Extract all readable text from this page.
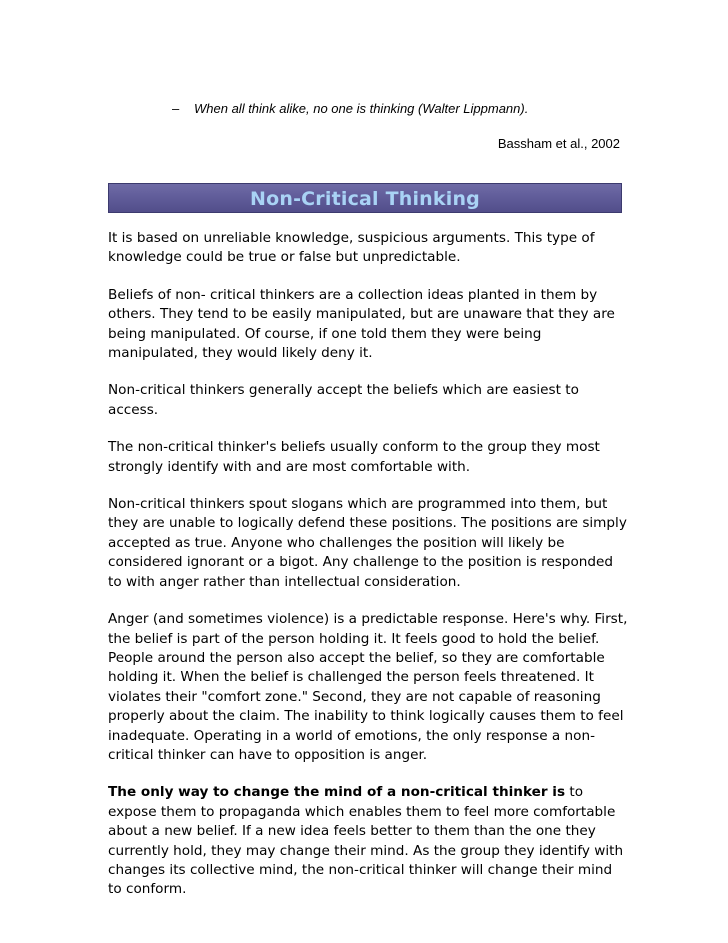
– When all think alike, no one is thinking (Walter Lippmann).
Bassham et al., 2002
Non-Critical Thinking

It is based on unreliable knowledge, suspicious arguments. This type of knowledge could be true or false but unpredictable.

Beliefs of non- critical thinkers are a collection ideas planted in them by others. They tend to be easily manipulated, but are unaware that they are being manipulated. Of course, if one told them they were being manipulated, they would likely deny it.

Non-critical thinkers generally accept the beliefs which are easiest to access.

The non-critical thinker's beliefs usually conform to the group they most strongly identify with and are most comfortable with.

Non-critical thinkers spout slogans which are programmed into them, but they are unable to logically defend these positions. The positions are simply accepted as true. Anyone who challenges the position will likely be considered ignorant or a bigot. Any challenge to the position is responded to with anger rather than intellectual consideration.

Anger (and sometimes violence) is a predictable response. Here's why. First, the belief is part of the person holding it. It feels good to hold the belief. People around the person also accept the belief, so they are comfortable holding it. When the belief is challenged the person feels threatened. It violates their "comfort zone." Second, they are not capable of reasoning properly about the claim. The inability to think logically causes them to feel inadequate. Operating in a world of emotions, the only response a non-critical thinker can have to opposition is anger.

The only way to change the mind of a non-critical thinker is to expose them to propaganda which enables them to feel more comfortable about a new belief. If a new idea feels better to them than the one they currently hold, they may change their mind. As the group they identify with changes its collective mind, the non-critical thinker will change their mind to conform.
